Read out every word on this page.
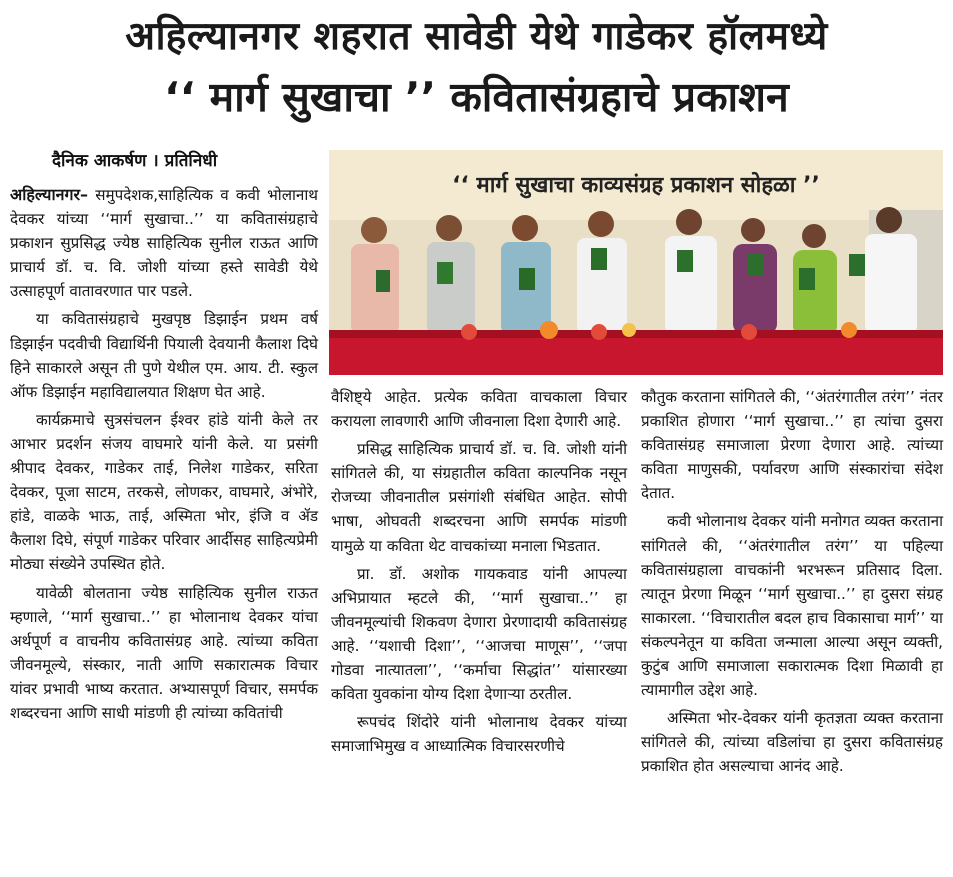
अहिल्यानगर शहरात सावेडी येथे गाडेकर हॉलमध्ये
‘‘ मार्ग सुखाचा ’’ कवितासंग्रहाचे प्रकाशन
दैनिक आकर्षण । प्रतिनिधी
‘‘ मार्ग सुखाचा काव्यसंग्रह प्रकाशन सोहळा ’’

अहिल्यानगर– समुपदेशक,साहित्यिक व कवी भोलानाथ देवकर यांच्या ‘‘मार्ग सुखाचा..’’ या कवितासंग्रहाचे प्रकाशन सुप्रसिद्ध ज्येष्ठ साहित्यिक सुनील राऊत आणि प्राचार्य डॉ. च. वि. जोशी यांच्या हस्ते सावेडी येथे उत्साहपूर्ण वातावरणात पार पडले.

या कवितासंग्रहाचे मुखपृष्ठ डिझाईन प्रथम वर्ष डिझाईन पदवीची विद्यार्थिनी पियाली देवयानी कैलाश दिघे हिने साकारले असून ती पुणे येथील एम. आय. टी. स्कुल ऑफ डिझाईन महाविद्यालयात शिक्षण घेत आहे.

कार्यक्रमाचे सुत्रसंचलन ईश्वर हांडे यांनी केले तर आभार प्रदर्शन संजय वाघमारे यांनी केले. या प्रसंगी श्रीपाद देवकर, गाडेकर ताई, निलेश गाडेकर, सरिता देवकर, पूजा साटम, तरकसे, लोणकर, वाघमारे, अंभोरे, हांडे, वाळके भाऊ, ताई, अस्मिता भोर, इंजि व ॲड कैलाश दिघे, संपूर्ण गाडेकर परिवार आर्दीसह साहित्यप्रेमी मोठ्या संख्येने उपस्थित होते.

यावेळी बोलताना ज्येष्ठ साहित्यिक सुनील राऊत म्हणाले, ‘‘मार्ग सुखाचा..’’ हा भोलानाथ देवकर यांचा अर्थपूर्ण व वाचनीय कवितासंग्रह आहे. त्यांच्या कविता जीवनमूल्ये, संस्कार, नाती आणि सकारात्मक विचार यांवर प्रभावी भाष्य करतात. अभ्यासपूर्ण विचार, समर्पक शब्दरचना आणि साधी मांडणी ही त्यांच्या कवितांची

वैशिष्ट्ये आहेत. प्रत्येक कविता वाचकाला विचार करायला लावणारी आणि जीवनाला दिशा देणारी आहे.

प्रसिद्ध साहित्यिक प्राचार्य डॉ. च. वि. जोशी यांनी सांगितले की, या संग्रहातील कविता काल्पनिक नसून रोजच्या जीवनातील प्रसंगांशी संबंधित आहेत. सोपी भाषा, ओघवती शब्दरचना आणि समर्पक मांडणी यामुळे या कविता थेट वाचकांच्या मनाला भिडतात.

प्रा. डॉ. अशोक गायकवाड यांनी आपल्या अभिप्रायात म्हटले की, ‘‘मार्ग सुखाचा..’’ हा जीवनमूल्यांची शिकवण देणारा प्रेरणादायी कवितासंग्रह आहे. ‘‘यशाची दिशा’’, ‘‘आजचा माणूस’’, ‘‘जपा गोडवा नात्यातला’’, ‘‘कर्माचा सिद्धांत’’ यांसारख्या कविता युवकांना योग्य दिशा देणाऱ्या ठरतील.

रूपचंद शिंदोरे यांनी भोलानाथ देवकर यांच्या समाजाभिमुख व आध्यात्मिक विचारसरणीचे

कौतुक करताना सांगितले की, ‘‘अंतरंगातील तरंग’’ नंतर प्रकाशित होणारा ‘‘मार्ग सुखाचा..’’ हा त्यांचा दुसरा कवितासंग्रह समाजाला प्रेरणा देणारा आहे. त्यांच्या कविता माणुसकी, पर्यावरण आणि संस्कारांचा संदेश देतात.

कवी भोलानाथ देवकर यांनी मनोगत व्यक्त करताना सांगितले की, ‘‘अंतरंगातील तरंग’’ या पहिल्या कवितासंग्रहाला वाचकांनी भरभरून प्रतिसाद दिला. त्यातून प्रेरणा मिळून ‘‘मार्ग सुखाचा..’’ हा दुसरा संग्रह साकारला. ‘‘विचारातील बदल हाच विकासाचा मार्ग’’ या संकल्पनेतून या कविता जन्माला आल्या असून व्यक्ती, कुटुंब आणि समाजाला सकारात्मक दिशा मिळावी हा त्यामागील उद्देश आहे.

अस्मिता भोर-देवकर यांनी कृतज्ञता व्यक्त करताना सांगितले की, त्यांच्या वडिलांचा हा दुसरा कवितासंग्रह प्रकाशित होत असल्याचा आनंद आहे.
